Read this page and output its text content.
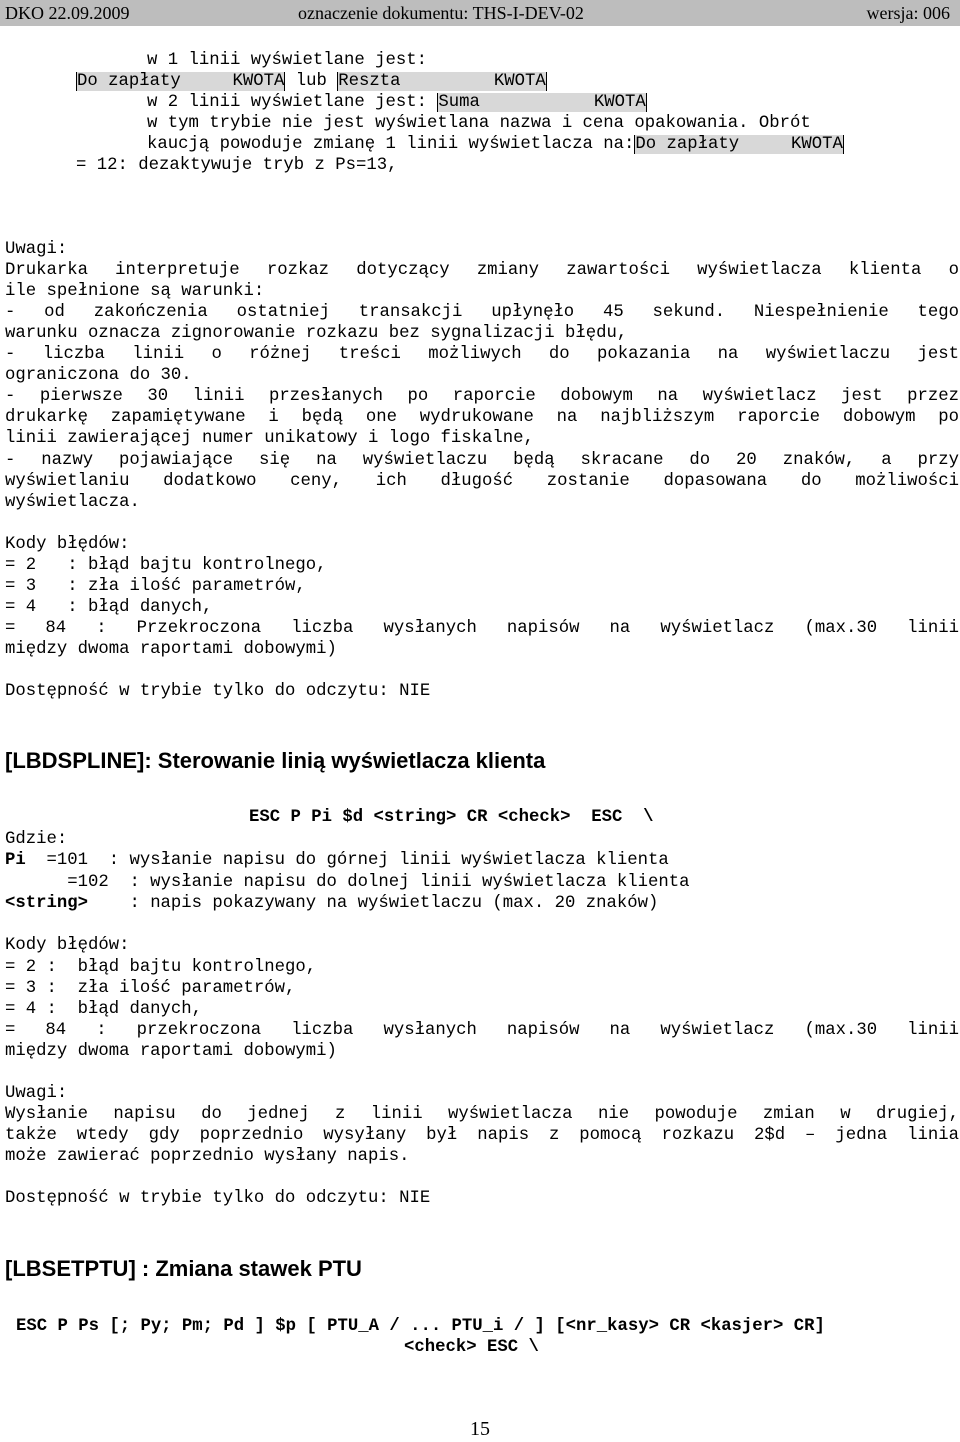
DKO 22.09.2009	oznaczenie dokumentu: THS-I-DEV-02	wersja: 006
w 1 linii wyświetlane jest:
Do zapłaty     KWOTA lub Reszta         KWOTA
w 2 linii wyświetlane jest: Suma           KWOTA
w tym trybie nie jest wyświetlana nazwa i cena opakowania. Obrót
kaucją powoduje zmianę 1 linii wyświetlacza na:Do zapłaty     KWOTA
= 12: dezaktywuje tryb z Ps=13,
Uwagi:
Drukarka interpretuje rozkaz dotyczący zmiany zawartości wyświetlacza klienta o
ile spełnione są warunki:
- od zakończenia ostatniej transakcji upłynęło 45 sekund. Niespełnienie tego
warunku oznacza zignorowanie rozkazu bez sygnalizacji błędu,
- liczba linii o różnej treści możliwych do pokazania na wyświetlaczu jest
ograniczona do 30.
- pierwsze 30 linii przesłanych po raporcie dobowym na wyświetlacz jest przez
drukarkę zapamiętywane i będą one wydrukowane na najbliższym raporcie dobowym po
linii zawierającej numer unikatowy i logo fiskalne,
- nazwy pojawiające się na wyświetlaczu będą skracane do 20 znaków, a przy
wyświetlaniu dodatkowo ceny, ich długość zostanie dopasowana do możliwości
wyświetlacza.
Kody błędów:
= 2   : błąd bajtu kontrolnego,
= 3   : zła ilość parametrów,
= 4   : błąd danych,
= 84 : Przekroczona liczba wysłanych napisów na wyświetlacz (max.30 linii
między dwoma raportami dobowymi)
Dostępność w trybie tylko do odczytu: NIE
[LBDSPLINE]: Sterowanie linią wyświetlacza klienta
ESC P Pi $d <string> CR <check>  ESC  \
Gdzie:
Pi  =101  : wysłanie napisu do górnej linii wyświetlacza klienta
=102  : wysłanie napisu do dolnej linii wyświetlacza klienta
<string>    : napis pokazywany na wyświetlaczu (max. 20 znaków)
Kody błędów:
= 2 :  błąd bajtu kontrolnego,
= 3 :  zła ilość parametrów,
= 4 :  błąd danych,
= 84 : przekroczona liczba wysłanych napisów na wyświetlacz (max.30 linii
między dwoma raportami dobowymi)
Uwagi:
Wysłanie napisu do jednej z linii wyświetlacza nie powoduje zmian w drugiej,
także wtedy gdy poprzednio wysyłany był napis z pomocą rozkazu 2$d – jedna linia
może zawierać poprzednio wysłany napis.
Dostępność w trybie tylko do odczytu: NIE
[LBSETPTU] : Zmiana stawek PTU
ESC P Ps [; Py; Pm; Pd ] $p [ PTU_A / ... PTU_i / ] [<nr_kasy> CR <kasjer> CR]
<check> ESC \
15
